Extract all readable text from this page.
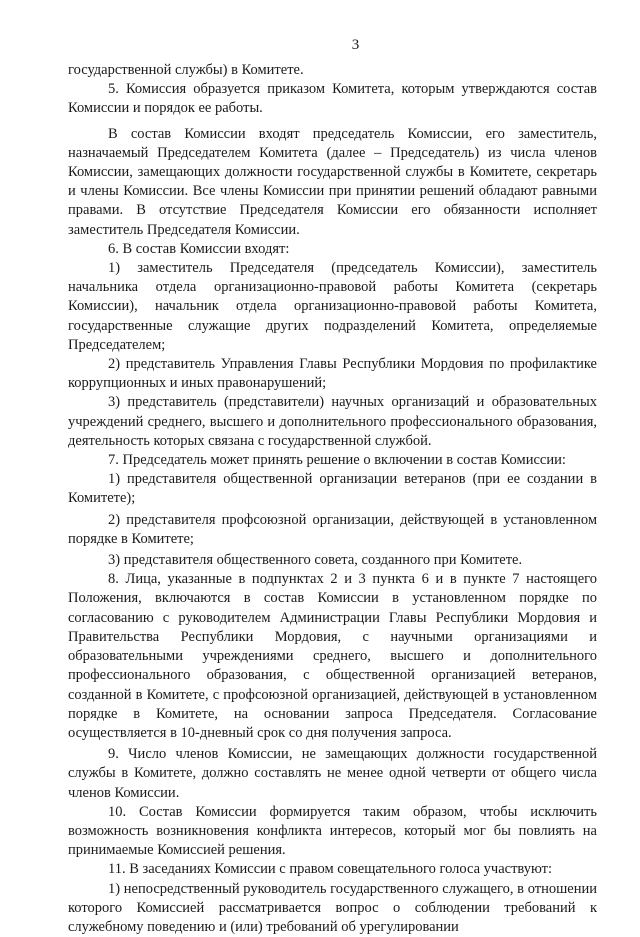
3

государственной службы) в Комитете.

5. Комиссия образуется приказом Комитета, которым утверждаются состав Комиссии и порядок ее работы.

В состав Комиссии входят председатель Комиссии, его заместитель, назначаемый Председателем Комитета (далее – Председатель) из числа членов Комиссии, замещающих должности государственной службы в Комитете, секретарь и члены Комиссии. Все члены Комиссии при принятии решений обладают равными правами. В отсутствие Председателя Комиссии его обязанности исполняет заместитель Председателя Комиссии.

6. В состав Комиссии входят:

1) заместитель Председателя (председатель Комиссии), заместитель начальника отдела организационно-правовой работы Комитета (секретарь Комиссии), начальник отдела организационно-правовой работы Комитета, государственные служащие других подразделений Комитета, определяемые Председателем;

2) представитель Управления Главы Республики Мордовия по профилактике коррупционных и иных правонарушений;

3) представитель (представители) научных организаций и образовательных учреждений среднего, высшего и дополнительного профессионального образования, деятельность которых связана с государственной службой.

7. Председатель может принять решение о включении в состав Комиссии:

1) представителя общественной организации ветеранов (при ее создании в Комитете);

2) представителя профсоюзной организации, действующей в установленном порядке в Комитете;

3) представителя общественного совета, созданного при Комитете.

8. Лица, указанные в подпунктах 2 и 3 пункта 6 и в пункте 7 настоящего Положения, включаются в состав Комиссии в установленном порядке по согласованию с руководителем Администрации Главы Республики Мордовия и Правительства Республики Мордовия, с научными организациями и образовательными учреждениями среднего, высшего и дополнительного профессионального образования, с общественной организацией ветеранов, созданной в Комитете, с профсоюзной организацией, действующей в установленном порядке в Комитете, на основании запроса Председателя. Согласование осуществляется в 10-дневный срок со дня получения запроса.

9. Число членов Комиссии, не замещающих должности государственной службы в Комитете, должно составлять не менее одной четверти от общего числа членов Комиссии.

10. Состав Комиссии формируется таким образом, чтобы исключить возможность возникновения конфликта интересов, который мог бы повлиять на принимаемые Комиссией решения.

11. В заседаниях Комиссии с правом совещательного голоса участвуют:

1) непосредственный руководитель государственного служащего, в отношении которого Комиссией рассматривается вопрос о соблюдении требований к служебному поведению и (или) требований об урегулировании
